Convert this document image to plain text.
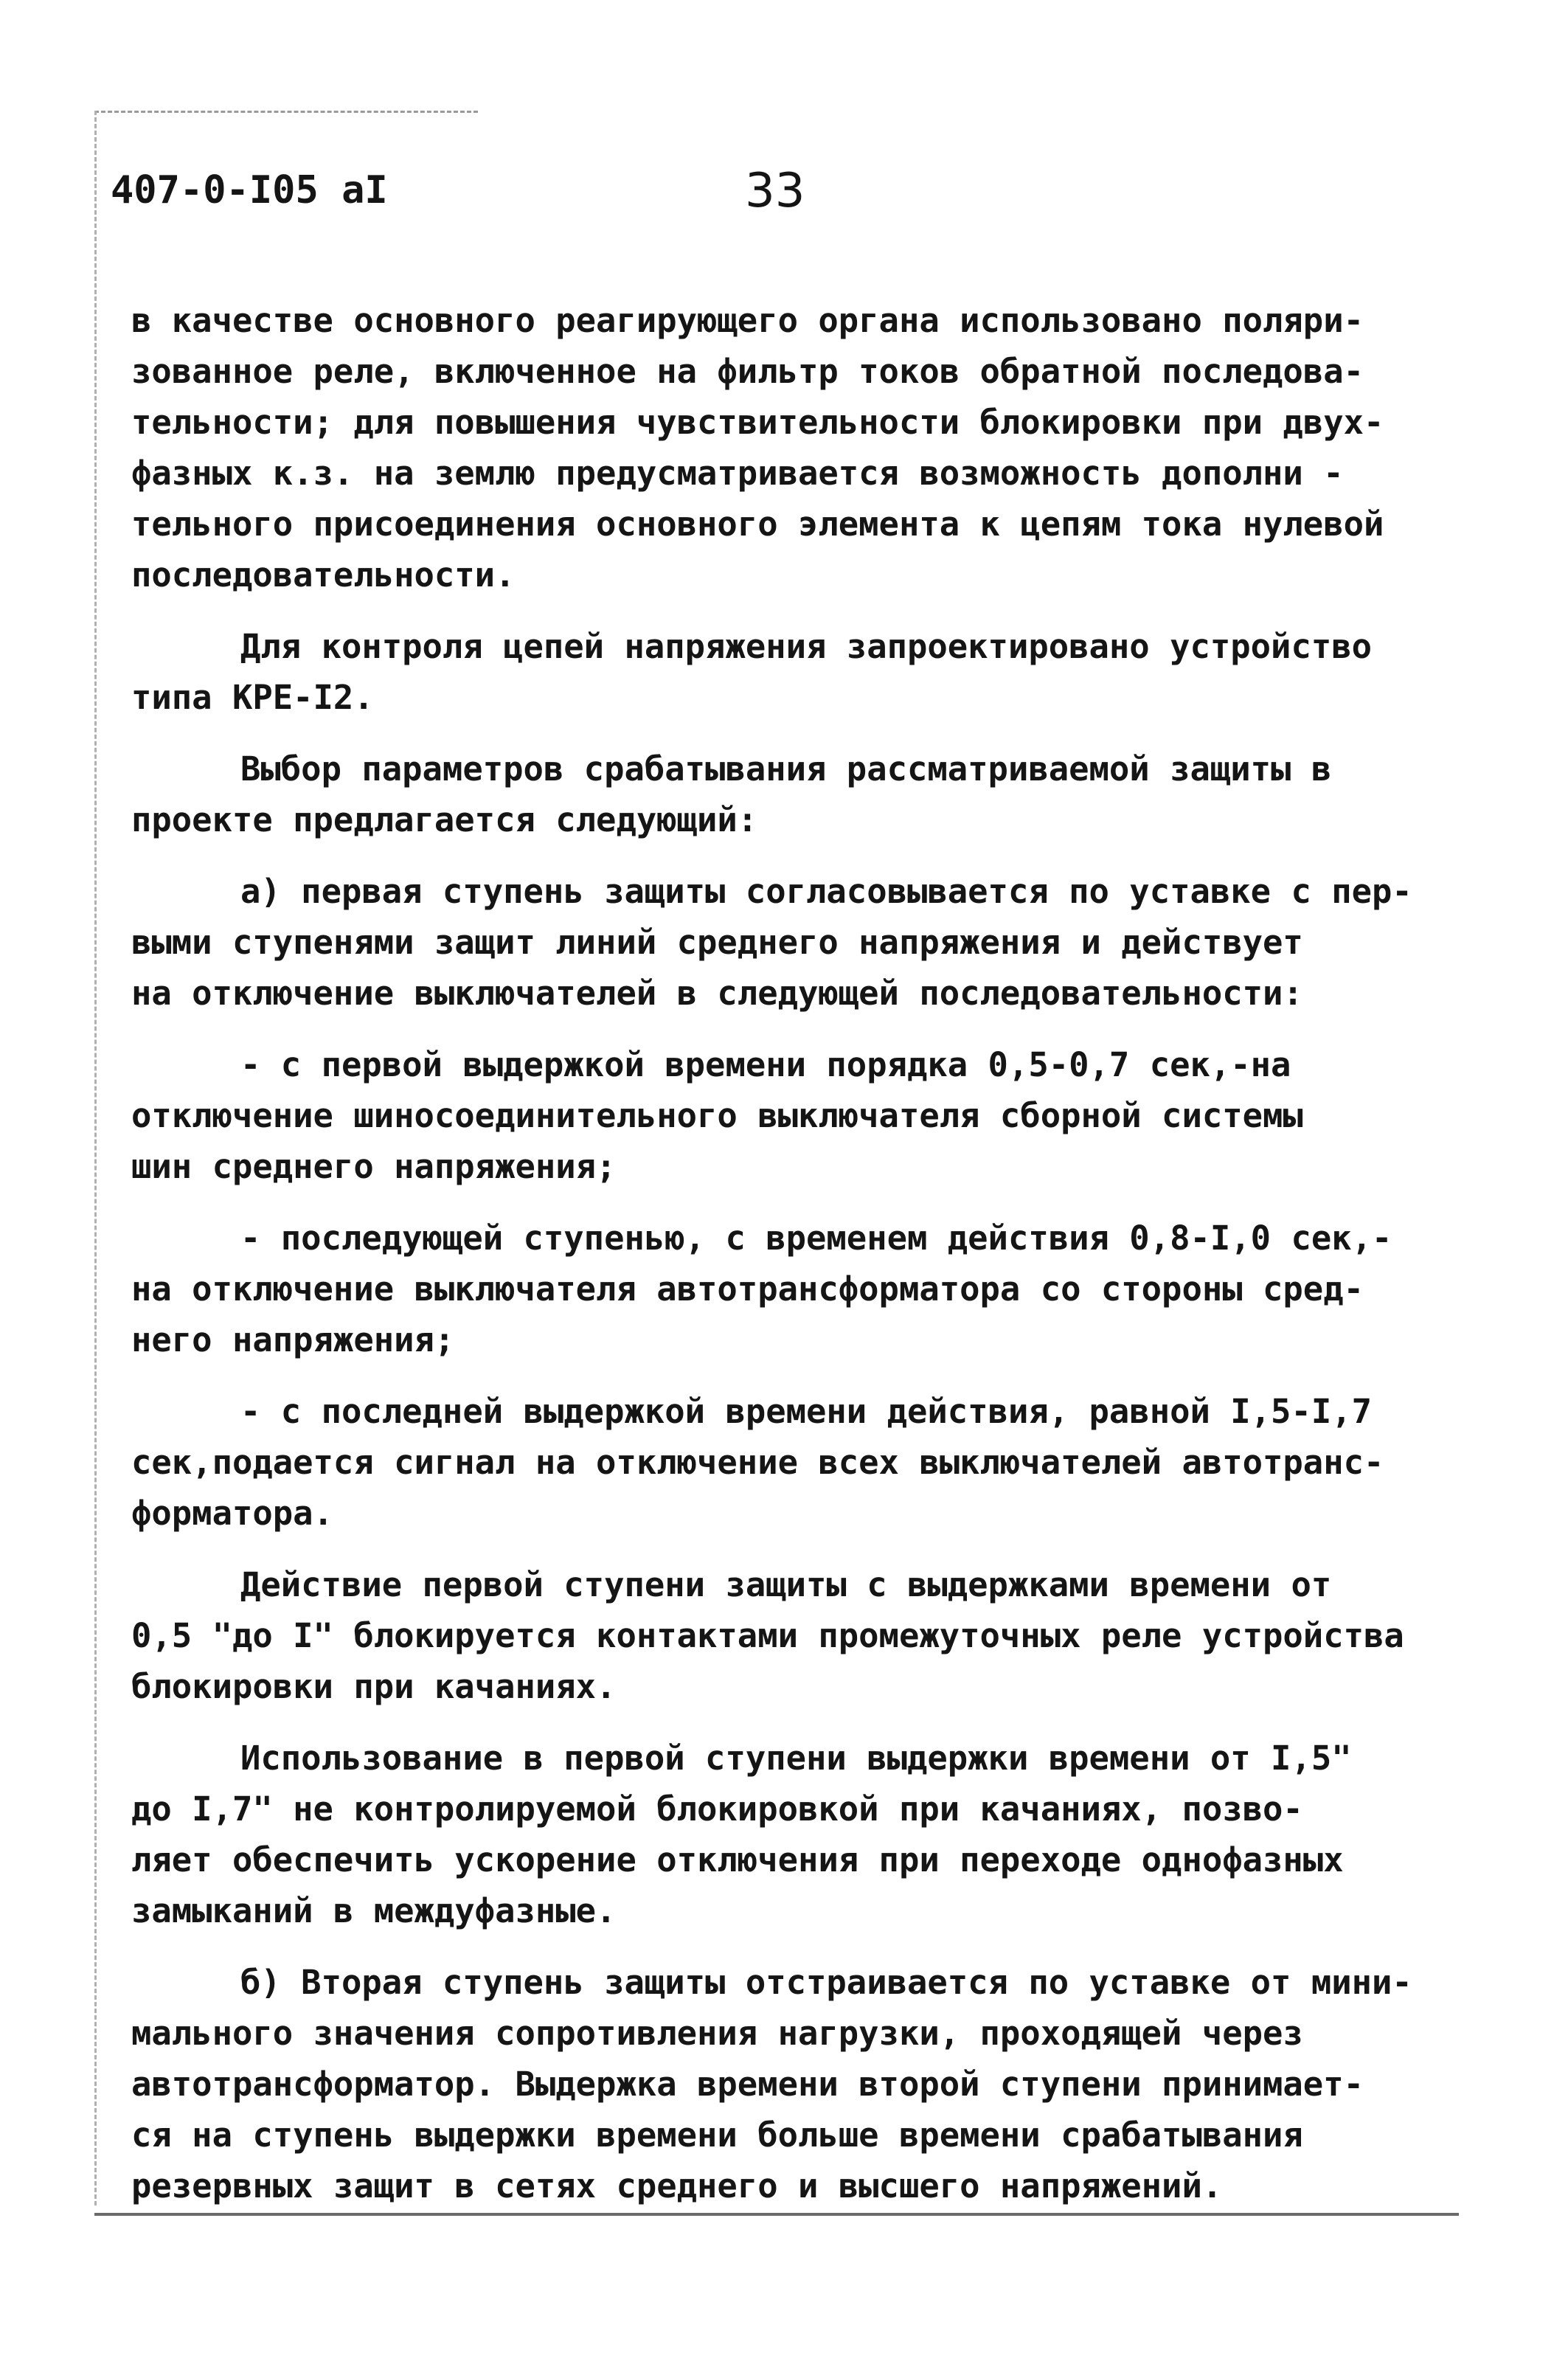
407-0-I05 aI	33

в качестве основного реагирующего органа использовано поляри-
зованное реле, включенное на фильтр токов обратной последова-
тельности; для повышения чувствительности блокировки при двух-
фазных к.з. на землю предусматривается возможность дополни -
тельного присоединения основного элемента к цепям тока нулевой
последовательности.

Для контроля цепей напряжения запроектировано устройство
типа КРЕ-I2.

Выбор параметров срабатывания рассматриваемой защиты в
проекте предлагается следующий:

а) первая ступень защиты согласовывается по уставке с пер-
выми ступенями защит линий среднего напряжения и действует
на отключение выключателей в следующей последовательности:

- с первой выдержкой времени порядка 0,5-0,7 сек,-на
отключение шиносоединительного выключателя сборной системы
шин среднего напряжения;

- последующей ступенью, с временем действия 0,8-I,0 сек,-
на отключение выключателя автотрансформатора со стороны сред-
него напряжения;

- с последней выдержкой времени действия, равной I,5-I,7
сек,подается сигнал на отключение всех выключателей автотранс-
форматора.

Действие первой ступени защиты с выдержками времени от
0,5 "до I" блокируется контактами промежуточных реле устройства
блокировки при качаниях.

Использование в первой ступени выдержки времени от I,5"
до I,7" не контролируемой блокировкой при качаниях, позво-
ляет обеспечить ускорение отключения при переходе однофазных
замыканий в междуфазные.

б) Вторая ступень защиты отстраивается по уставке от мини-
мального значения сопротивления нагрузки, проходящей через
автотрансформатор. Выдержка времени второй ступени принимает-
ся на ступень выдержки времени больше времени срабатывания
резервных защит в сетях среднего и высшего напряжений.
